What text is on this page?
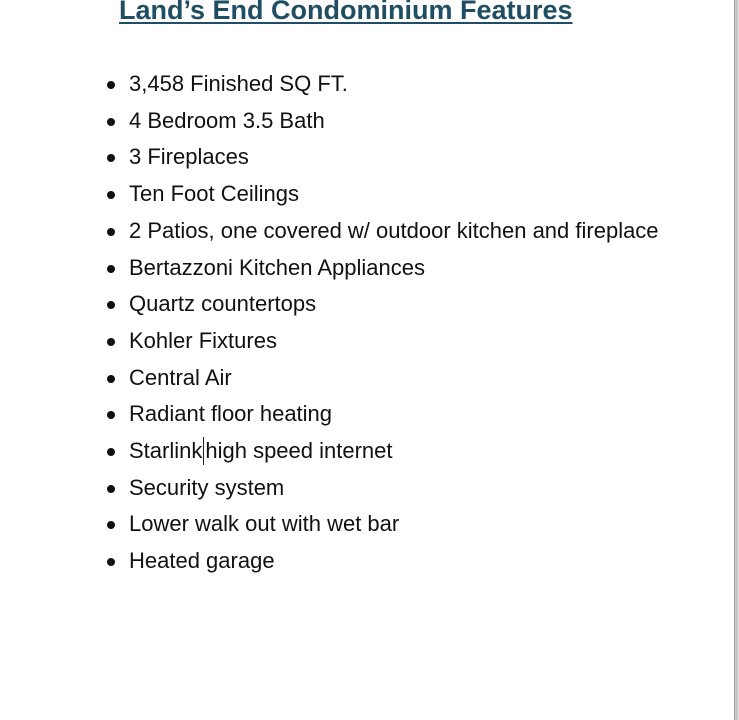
Land’s End Condominium Features
3,458 Finished SQ FT.
4 Bedroom 3.5 Bath
3 Fireplaces
Ten Foot Ceilings
2 Patios, one covered w/ outdoor kitchen and fireplace
Bertazzoni Kitchen Appliances
Quartz countertops
Kohler Fixtures
Central Air
Radiant floor heating
Starlink high speed internet
Security system
Lower walk out with wet bar
Heated garage
